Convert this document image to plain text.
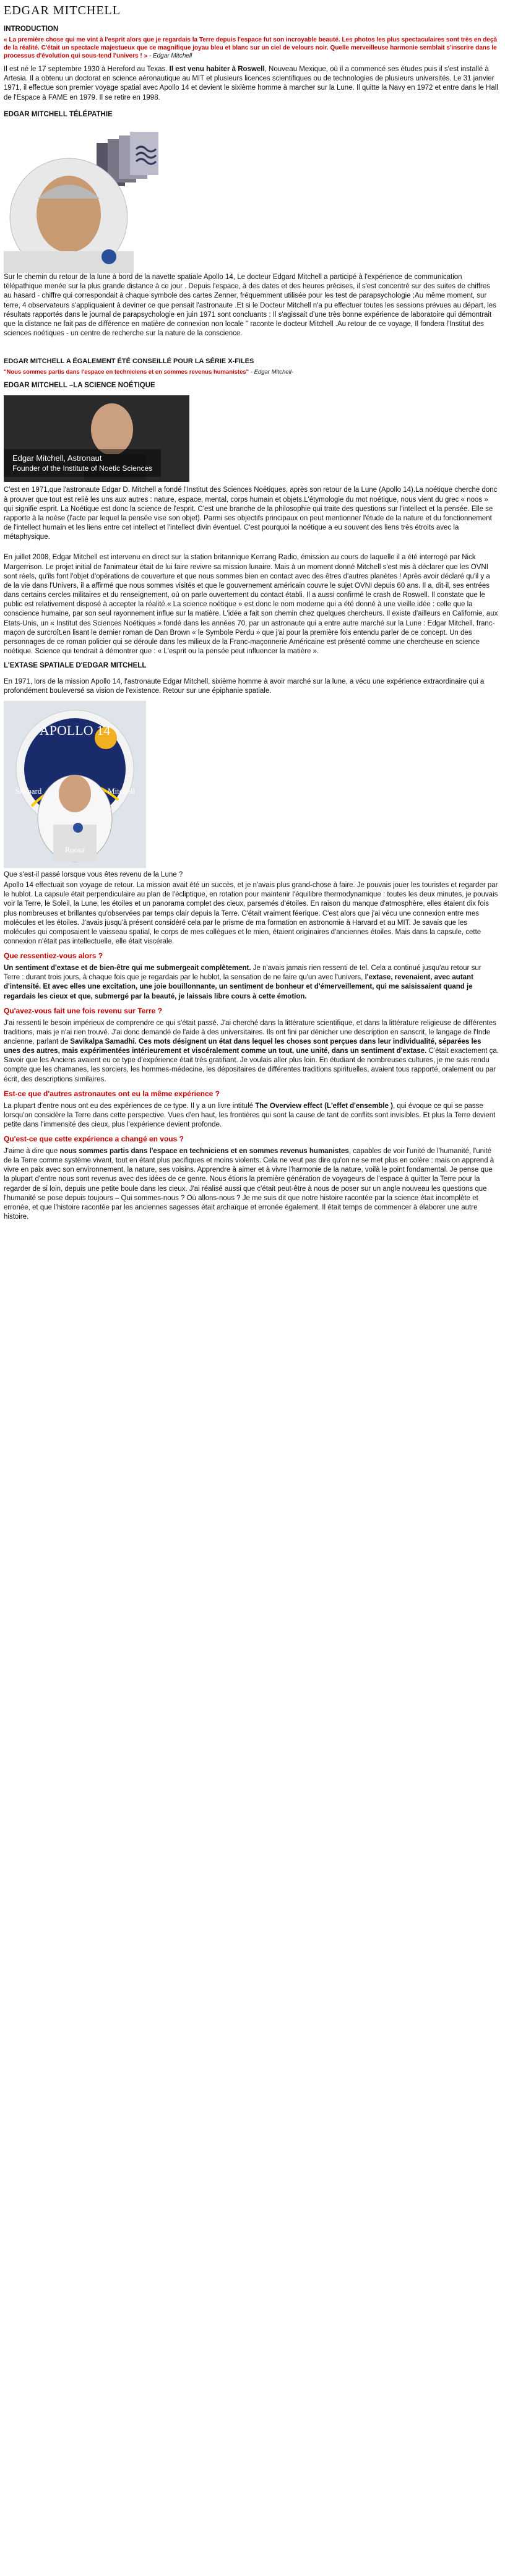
EDGAR MITCHELL
INTRODUCTION
« La première chose qui me vint à l'esprit alors que je regardais la Terre depuis l'espace fut son incroyable beauté. Les photos les plus spectaculaires sont très en deçà de la réalité. C'était un spectacle majestueux que ce magnifique joyau bleu et blanc sur un ciel de velours noir. Quelle merveilleuse harmonie semblait s'inscrire dans le processus d'évolution qui sous-tend l'univers ! » - Edgar Mitchell

Il est né le 17 septembre 1930 à Hereford au Texas. Il est venu habiter à Roswell, Nouveau Mexique, où il a commencé ses études puis il s'est installé à Artesia. Il a obtenu un doctorat en science aéronautique au MIT et plusieurs licences scientifiques ou de technologies de plusieurs universités. Le 31 janvier 1971, il effectue son premier voyage spatial avec Apollo 14 et devient le sixième homme à marcher sur la Lune. Il quitte la Navy en 1972 et entre dans le Hall de l'Espace à FAME en 1979. Il se retire en 1998.

EDGAR MITCHELL TÉLÉPATHIE

Sur le chemin du retour de la lune à bord de la navette spatiale Apollo 14, Le docteur Edgard Mitchell a participé à l'expérience de communication télépathique menée sur la plus grande distance à ce jour . Depuis l'espace, à des dates et des heures précises, il s'est concentré sur des suites de chiffres au hasard - chiffre qui correspondait à chaque symbole des cartes Zenner, fréquemment utilisée pour les test de parapsychologie ;Au même moment, sur terre, 4 observateurs s'appliquaient à deviner ce que pensait l'astronaute .Et si le Docteur Mitchell n'a pu effectuer toutes les sessions prévues au départ, les résultats rapportés dans le journal de parapsychologie en juin 1971 sont concluants : Il s'agissait d'une très bonne expérience de laboratoire qui démontrait que la distance ne fait pas de différence en matière de connexion non locale " raconte le docteur Mitchell .Au retour de ce voyage, Il fondera l'Institut des sciences noétiques - un centre de recherche sur la nature de la conscience.

EDGAR MITCHELL A ÉGALEMENT ÉTÉ CONSEILLÉ POUR LA SÉRIE X-FILES
"Nous sommes partis dans l'espace en techniciens et en sommes revenus humanistes" - Edgar Mitchell-
EDGAR MITCHELL –LA SCIENCE NOÉTIQUE
Edgar Mitchell, Astronaut
Founder of the Institute of Noetic Sciences

C'est en 1971,que l'astronaute Edgar D. Mitchell a fondé l'Institut des Sciences Noétiques, après son retour de la Lune (Apollo 14).La noétique cherche donc à prouver que tout est relié les uns aux autres : nature, espace, mental, corps humain et objets.L'étymologie du mot noétique, nous vient du grec « noos » qui signifie esprit. La Noétique est donc la science de l'esprit. C'est une branche de la philosophie qui traite des questions sur l'intellect et la pensée. Elle se rapporte à la noèse (l'acte par lequel la pensée vise son objet). Parmi ses objectifs principaux on peut mentionner l'étude de la nature et du fonctionnement de l'intellect humain et les liens entre cet intellect et l'intellect divin éventuel. C'est pourquoi la noétique a eu souvent des liens très étroits avec la métaphysique.

En juillet 2008, Edgar Mitchell est intervenu en direct sur la station britannique Kerrang Radio, émission au cours de laquelle il a été interrogé par Nick Margerrison. Le projet initial de l'animateur était de lui faire revivre sa mission lunaire. Mais à un moment donné Mitchell s'est mis à déclarer que les OVNI sont réels, qu'ils font l'objet d'opérations de couverture et que nous sommes bien en contact avec des êtres d'autres planètes ! Après avoir déclaré qu'il y a de la vie dans l'Univers, il a affirmé que nous sommes visités et que le gouvernement américain couvre le sujet OVNI depuis 60 ans. Il a, dit-il, ses entrées dans certains cercles militaires et du renseignement, où on parle ouvertement du contact établi. Il a aussi confirmé le crash de Roswell. Il constate que le public est relativement disposé à accepter la réalité.« La science noétique » est donc le nom moderne qui a été donné à une vieille idée : celle que la conscience humaine, par son seul rayonnement influe sur la matière. L'idée a fait son chemin chez quelques chercheurs. Il existe d'ailleurs en Californie, aux Etats-Unis, un « Institut des Sciences Noétiques » fondé dans les années 70, par un astronaute qui a entre autre marché sur la Lune : Edgar Mitchell, franc-maçon de surcroît.en lisant le dernier roman de Dan Brown « le Symbole Perdu » que j'ai pour la première fois entendu parler de ce concept. Un des personnages de ce roman policier qui se déroule dans les milieux de la Franc-maçonnerie Américaine est présenté comme une chercheuse en science noétique. Science qui tendrait à démontrer que : « L'esprit ou la pensée peut influencer la matière ».

L'EXTASE SPATIALE D'EDGAR MITCHELL

En 1971, lors de la mission Apollo 14, l'astronaute Edgar Mitchell, sixième homme à avoir marché sur la lune, a vécu une expérience extraordinaire qui a profondément bouleversé sa vision de l'existence. Retour sur une épiphanie spatiale.

APOLLO 14
Shepard
Roosa
Mitchell

Que s'est-il passé lorsque vous êtes revenu de la Lune ?

Apollo 14 effectuait son voyage de retour. La mission avait été un succès, et je n'avais plus grand-chose à faire. Je pouvais jouer les touristes et regarder par le hublot. La capsule était perpendiculaire au plan de l'écliptique, en rotation pour maintenir l'équilibre thermodynamique : toutes les deux minutes, je pouvais voir la Terre, le Soleil, la Lune, les étoiles et un panorama complet des cieux, parsemés d'étoiles. En raison du manque d'atmosphère, elles étaient dix fois plus nombreuses et brillantes qu'observées par temps clair depuis la Terre. C'était vraiment féerique. C'est alors que j'ai vécu une connexion entre mes molécules et les étoiles. J'avais jusqu'à présent considéré cela par le prisme de ma formation en astronomie à Harvard et au MIT. Je savais que les molécules qui composaient le vaisseau spatial, le corps de mes collègues et le mien, étaient originaires d'anciennes étoiles. Mais dans la capsule, cette connexion n'était pas intellectuelle, elle était viscérale.

Que ressentiez-vous alors ?

Un sentiment d'extase et de bien-être qui me submergeait complètement. Je n'avais jamais rien ressenti de tel. Cela a continué jusqu'au retour sur Terre : durant trois jours, à chaque fois que je regardais par le hublot, la sensation de ne faire qu'un avec l'univers, l'extase, revenaient, avec autant d'intensité. Et avec elles une excitation, une joie bouillonnante, un sentiment de bonheur et d'émerveillement, qui me saisissaient quand je regardais les cieux et que, submergé par la beauté, je laissais libre cours à cette émotion.

Qu'avez-vous fait une fois revenu sur Terre ?

J'ai ressenti le besoin impérieux de comprendre ce qui s'était passé. J'ai cherché dans la littérature scientifique, et dans la littérature religieuse de différentes traditions, mais je n'ai rien trouvé. J'ai donc demandé de l'aide à des universitaires. Ils ont fini par dénicher une description en sanscrit, le langage de l'Inde ancienne, parlant de Savikalpa Samadhi. Ces mots désignent un état dans lequel les choses sont perçues dans leur individualité, séparées les unes des autres, mais expérimentées intérieurement et viscéralement comme un tout, une unité, dans un sentiment d'extase. C'était exactement ça. Savoir que les Anciens avaient eu ce type d'expérience était très gratifiant. Je voulais aller plus loin. En étudiant de nombreuses cultures, je me suis rendu compte que les chamanes, les sorciers, les hommes-médecine, les dépositaires de différentes traditions spirituelles, avaient tous rapporté, oralement ou par écrit, des descriptions similaires.

Est-ce que d'autres astronautes ont eu la même expérience ?

La plupart d'entre nous ont eu des expériences de ce type. Il y a un livre intitulé The Overview effect (L'effet d'ensemble ), qui évoque ce qui se passe lorsqu'on considère la Terre dans cette perspective. Vues d'en haut, les frontières qui sont la cause de tant de conflits sont invisibles. Et plus la Terre devient petite dans l'immensité des cieux, plus l'expérience devient profonde.

Qu'est-ce que cette expérience a changé en vous ?

J'aime à dire que nous sommes partis dans l'espace en techniciens et en sommes revenus humanistes, capables de voir l'unité de l'humanité, l'unité de la Terre comme système vivant, tout en étant plus pacifiques et moins violents. Cela ne veut pas dire qu'on ne se met plus en colère : mais on apprend à vivre en paix avec son environnement, la nature, ses voisins. Apprendre à aimer et à vivre l'harmonie de la nature, voilà le point fondamental. Je pense que la plupart d'entre nous sont revenus avec des idées de ce genre. Nous étions la première génération de voyageurs de l'espace à quitter la Terre pour la regarder de si loin, depuis une petite boule dans les cieux. J'ai réalisé aussi que c'était peut-être à nous de poser sur un angle nouveau les questions que l'humanité se pose depuis toujours – Qui sommes-nous ? Où allons-nous ? Je me suis dit que notre histoire racontée par la science était incomplète et erronée, et que l'histoire racontée par les anciennes sagesses était archaïque et erronée également. Il était temps de commencer à élaborer une autre histoire.
